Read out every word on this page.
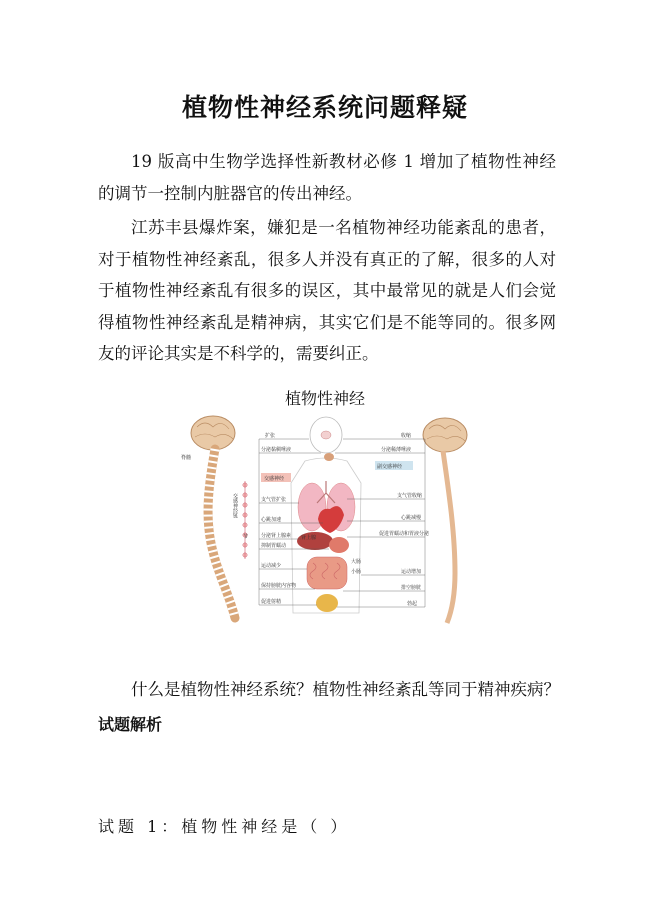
植物性神经系统问题释疑

19 版高中生物学选择性新教材必修 1 增加了植物性神经的调节一控制内脏器官的传出神经。

江苏丰县爆炸案，嫌犯是一名植物神经功能紊乱的患者，对于植物性神经紊乱，很多人并没有真正的了解，很多的人对于植物性神经紊乱有很多的误区，其中最常见的就是人们会觉得植物性神经紊乱是精神病，其实它们是不能等同的。很多网友的评论其实是不科学的，需要纠正。

植物性神经
脊髓
交感神经链
节	肾上腺
大肠
小肠
交感神经
副交感神经
扩张
分泌黏稠唾液
支气管扩张
心跳加速
分泌肾上腺素
抑制胃蠕动
运动减少
保持膀胱内容物
促进射精
收缩
分泌稀薄唾液
支气管收缩
心跳减慢
促进胃蠕动和胃液分泌
运动增加
排空膀胱
勃起

什么是植物性神经系统？植物性神经紊乱等同于精神疾病？

试题解析
试题 1：植物性神经是（ ）
